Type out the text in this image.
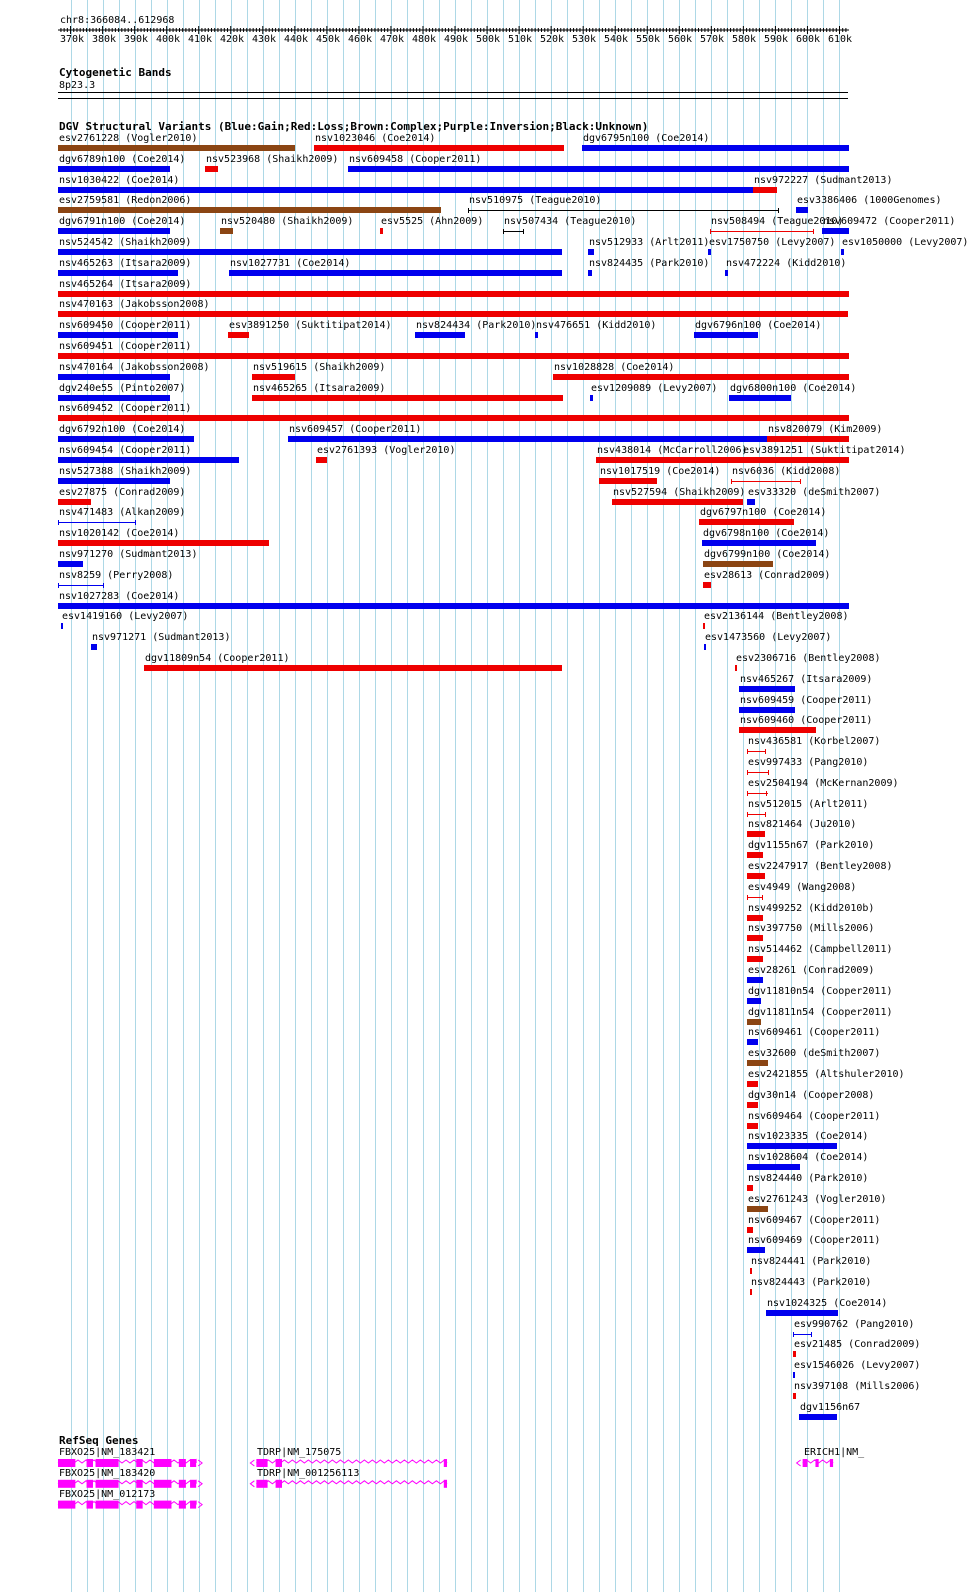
chr8:366084..612968
Cytogenetic Bands
8p23.3
DGV Structural Variants (Blue:Gain;Red:Loss;Brown:Complex;Purple:Inversion;Black:Unknown)
esv2761228 (Vogler2010)	nsv1023046 (Coe2014)	dgv6795n100 (Coe2014)
dgv6789n100 (Coe2014) nsv523968 (Shaikh2009) nsv609458 (Cooper2011)
nsv1030422 (Coe2014)	nsv972227 (Sudmant2013)
esv2759581 (Redon2006)	nsv510975 (Teague2010)	esv3386406 (1000Genomes)
dgv6791n100 (Coe2014)	nsv520480 (Shaikh2009)	esv5525 (Ahn2009) nsv507434 (Teague2010)	nsv508494 (Teague2010)
nsv609472 (Cooper2011)
nsv524542 (Shaikh2009)	nsv512933 (Arlt2011) esv1750750 (Levy2007) esv1050000 (Levy2007)
nsv465263 (Itsara2009)	nsv1027731 (Coe2014)	nsv824435 (Park2010) nsv472224 (Kidd2010)
nsv465264 (Itsara2009)
nsv470163 (Jakobsson2008)
nsv609450 (Cooper2011)	esv3891250 (Suktitipat2014) nsv824434 (Park2010) nsv476651 (Kidd2010)	dgv6796n100 (Coe2014)
nsv609451 (Cooper2011)
nsv470164 (Jakobsson2008)	nsv519615 (Shaikh2009)	nsv1028828 (Coe2014)
dgv240e55 (Pinto2007)	nsv465265 (Itsara2009)	esv1209089 (Levy2007) dgv6800n100 (Coe2014)
nsv609452 (Cooper2011)
dgv6792n100 (Coe2014)	nsv609457 (Cooper2011)	nsv820079 (Kim2009)
nsv609454 (Cooper2011)	esv2761393 (Vogler2010)	nsv438014 (McCarroll2006)
esv3891251 (Suktitipat2014)
nsv527388 (Shaikh2009)	nsv1017519 (Coe2014) nsv6036 (Kidd2008)
esv27875 (Conrad2009)	nsv527594 (Shaikh2009) esv33320 (deSmith2007)
nsv471483 (Alkan2009)	dgv6797n100 (Coe2014)
nsv1020142 (Coe2014)	dgv6798n100 (Coe2014)
nsv971270 (Sudmant2013)	dgv6799n100 (Coe2014)
nsv8259 (Perry2008)	esv28613 (Conrad2009)
nsv1027283 (Coe2014)
esv1419160 (Levy2007)	esv2136144 (Bentley2008)
nsv971271 (Sudmant2013)	esv1473560 (Levy2007)
dgv11809n54 (Cooper2011)	esv2306716 (Bentley2008)
nsv465267 (Itsara2009)
nsv609459 (Cooper2011)
nsv609460 (Cooper2011)
nsv436581 (Korbel2007)
esv997433 (Pang2010)
esv2504194 (McKernan2009)
nsv512015 (Arlt2011)
nsv821464 (Ju2010)
dgv1155n67 (Park2010)
esv2247917 (Bentley2008)
esv4949 (Wang2008)
nsv499252 (Kidd2010b)
nsv397750 (Mills2006)
nsv514462 (Campbell2011)
esv28261 (Conrad2009)
dgv11810n54 (Cooper2011)
dgv11811n54 (Cooper2011)
nsv609461 (Cooper2011)
esv32600 (deSmith2007)
esv2421855 (Altshuler2010)
dgv30n14 (Cooper2008)
nsv609464 (Cooper2011)
nsv1023335 (Coe2014)
nsv1028604 (Coe2014)
nsv824440 (Park2010)
esv2761243 (Vogler2010)
nsv609467 (Cooper2011)
nsv609469 (Cooper2011)
nsv824441 (Park2010)
nsv824443 (Park2010)
nsv1024325 (Coe2014)
esv990762 (Pang2010)
esv21485 (Conrad2009)
esv1546026 (Levy2007)
nsv397108 (Mills2006)
dgv1156n67
RefSeq Genes
FBXO25|NM_183421
FBXO25|NM_183420
FBXO25|NM_012173
TDRP|NM_175075
TDRP|NM_001256113
ERICH1|NM_
370k 380k 390k 400k 410k 420k 430k 440k 450k 460k 470k 480k 490k 500k 510k 520k 530k 540k 550k 560k 570k 580k 590k 600k 610k
